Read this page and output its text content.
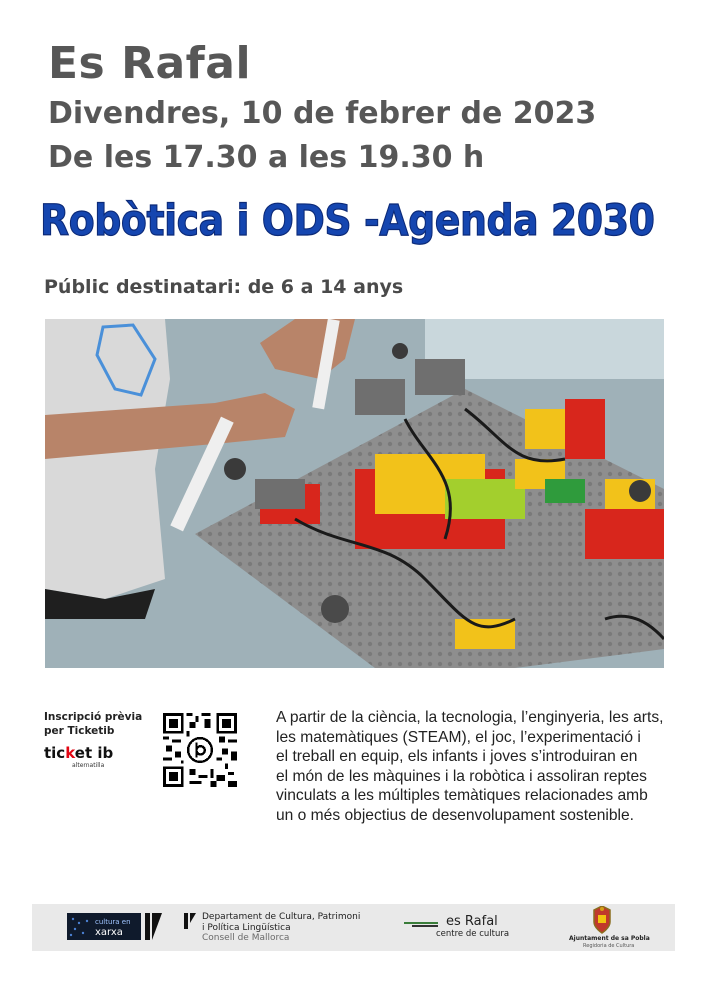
Es Rafal
Divendres, 10 de febrer de 2023
De les 17.30 a les 19.30 h
Robòtica i ODS -Agenda 2030
Públic destinatari: de 6 a 14 anys
Inscripció prèvia
per Ticketib
ticket ib
alternatilla
A partir de la ciència, la tecnologia, l’enginyeria, les arts,
les matemàtiques (STEAM), el joc, l’experimentació i
el treball en equip, els infants i joves s’introduiran en
el món de les màquines i la robòtica i assoliran reptes
vinculats a les múltiples temàtiques relacionades amb
un o més objectius de desenvolupament sostenible.
cultura en
xarxa
Departament de Cultura, Patrimoni
i Política Lingüística
Consell de Mallorca
es Rafal
centre de cultura	Ajuntament de sa Pobla
Regidoria de Cultura
